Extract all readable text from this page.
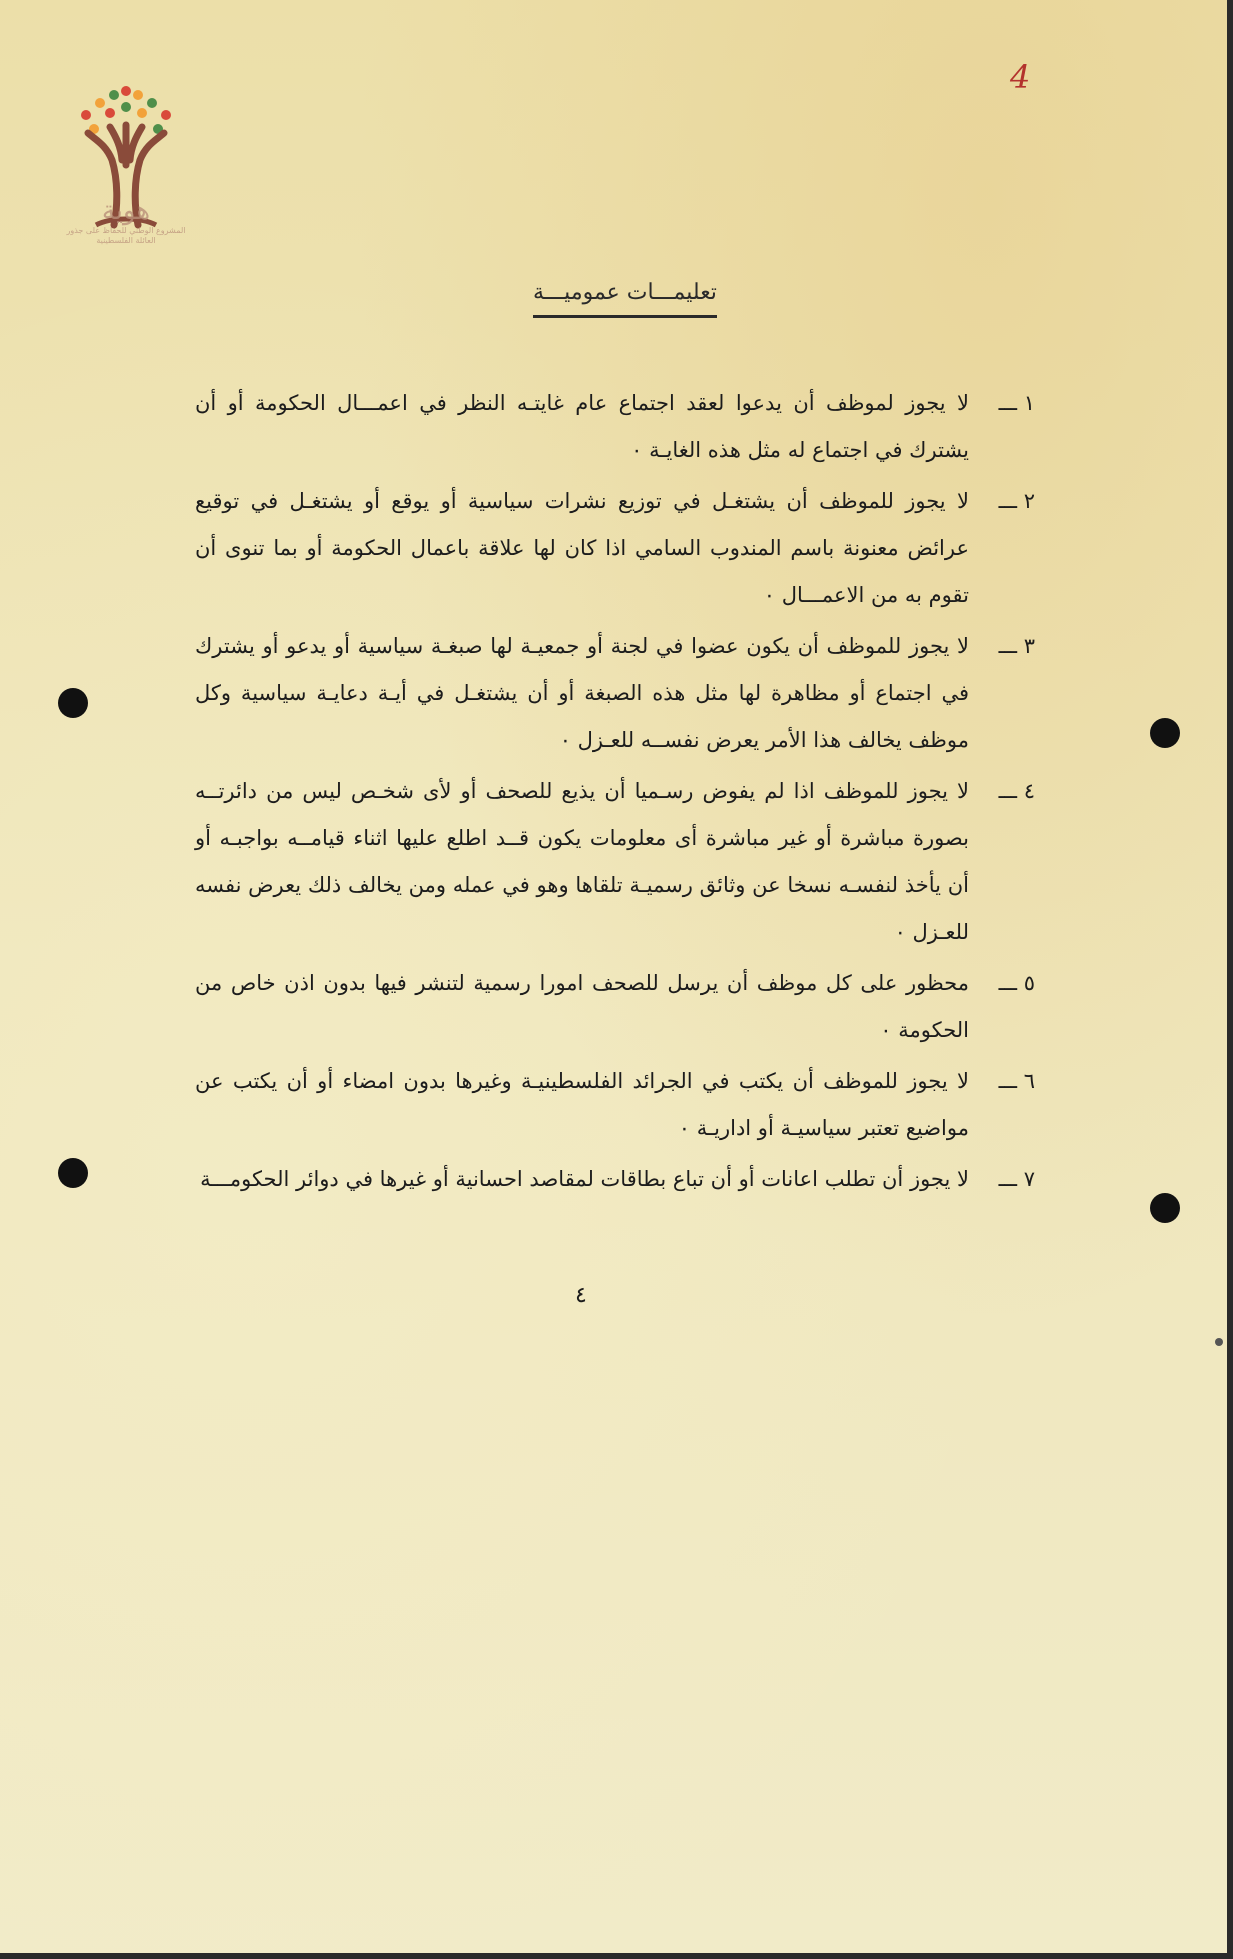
هوية
المشروع الوطني للحفاظ على جذور العائلة الفلسطينية
4
تعليمـــات عموميـــة
١ ـــ
لا يجوز لموظف أن يدعوا لعقد اجتماع عام غايتـه النظر في اعمـــال الحكومة أو أن يشترك في اجتماع له مثل هذه الغايـة ٠
٢ ـــ
لا يجوز للموظف أن يشتغـل في توزيع نشرات سياسية أو يوقع أو يشتغـل في توقيع عرائض معنونة باسم المندوب السامي اذا كان لها علاقة باعمال الحكومة أو بما تنوى أن تقوم به من الاعمـــال ٠
٣ ـــ
لا يجوز للموظف أن يكون عضوا في لجنة أو جمعيـة لها صبغـة سياسية أو يدعو أو يشترك في اجتماع أو مظاهرة لها مثل هذه الصبغة أو أن يشتغـل في أيـة دعايـة سياسية وكل موظف يخالف هذا الأمر يعرض نفســه للعـزل ٠
٤ ـــ
لا يجوز للموظف اذا لم يفوض رسـميا أن يذيع للصحف أو لأى شخـص ليس من دائرتــه بصورة مباشرة أو غير مباشرة أى معلومات يكون قــد اطلع عليها اثناء قيامــه بواجبـه أو أن يأخذ لنفسـه نسخا عن وثائق رسميـة تلقاها وهو في عمله ومن يخالف ذلك يعرض نفسه للعـزل ٠
٥ ـــ
محظور على كل موظف أن يرسل للصحف امورا رسمية لتنشر فيها بدون اذن خاص من الحكومة ٠
٦ ـــ
لا يجوز للموظف أن يكتب في الجرائد الفلسطينيـة وغيرها بدون امضاء أو أن يكتب عن مواضيع تعتبر سياسيـة أو اداريـة ٠
٧ ـــ
لا يجوز أن تطلب اعانات أو أن تباع بطاقات لمقاصد احسانية أو غيرها في دوائر الحكومـــة
٤
